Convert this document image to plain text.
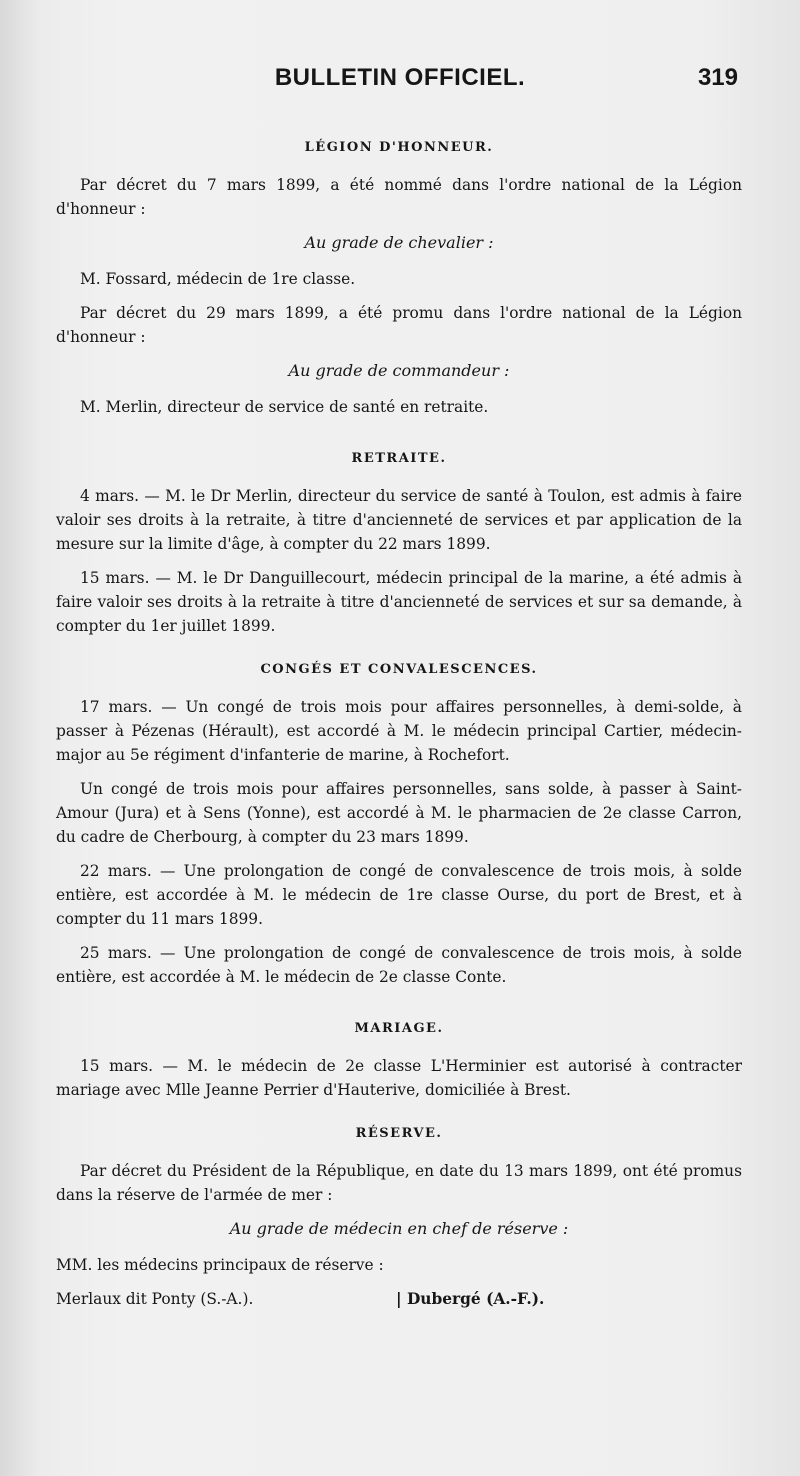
BULLETIN OFFICIEL.	319
LÉGION D'HONNEUR.

Par décret du 7 mars 1899, a été nommé dans l'ordre national de la Légion d'honneur :

Au grade de chevalier :

M. Fossard, médecin de 1re classe.

Par décret du 29 mars 1899, a été promu dans l'ordre national de la Légion d'honneur :

Au grade de commandeur :

M. Merlin, directeur de service de santé en retraite.

RETRAITE.

4 mars. — M. le Dr Merlin, directeur du service de santé à Toulon, est admis à faire valoir ses droits à la retraite, à titre d'ancienneté de services et par application de la mesure sur la limite d'âge, à compter du 22 mars 1899.

15 mars. — M. le Dr Danguillecourt, médecin principal de la marine, a été admis à faire valoir ses droits à la retraite à titre d'ancienneté de services et sur sa demande, à compter du 1er juillet 1899.

CONGÉS ET CONVALESCENCES.

17 mars. — Un congé de trois mois pour affaires personnelles, à demi-solde, à passer à Pézenas (Hérault), est accordé à M. le médecin principal Cartier, médecin-major au 5e régiment d'infanterie de marine, à Rochefort.

Un congé de trois mois pour affaires personnelles, sans solde, à passer à Saint-Amour (Jura) et à Sens (Yonne), est accordé à M. le pharmacien de 2e classe Carron, du cadre de Cherbourg, à compter du 23 mars 1899.

22 mars. — Une prolongation de congé de convalescence de trois mois, à solde entière, est accordée à M. le médecin de 1re classe Ourse, du port de Brest, et à compter du 11 mars 1899.

25 mars. — Une prolongation de congé de convalescence de trois mois, à solde entière, est accordée à M. le médecin de 2e classe Conte.

MARIAGE.

15 mars. — M. le médecin de 2e classe L'Herminier est autorisé à contracter mariage avec Mlle Jeanne Perrier d'Hauterive, domiciliée à Brest.

RÉSERVE.

Par décret du Président de la République, en date du 13 mars 1899, ont été promus dans la réserve de l'armée de mer :

Au grade de médecin en chef de réserve :

MM. les médecins principaux de réserve :

Merlaux dit Ponty (S.-A.).	| Dubergé (A.-F.).
